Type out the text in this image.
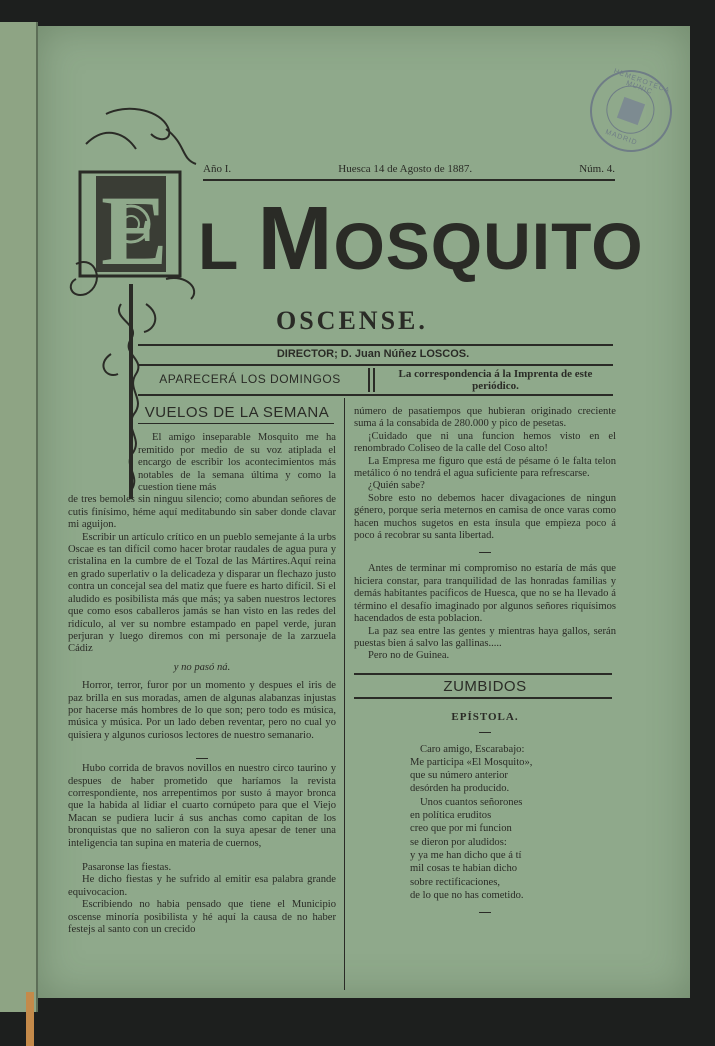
HEMEROTECA MUNIC
MADRID
E
Año I.	Huesca 14 de Agosto de 1887.	Núm. 4.
L MOSQUITO
OSCENSE.
DIRECTOR; D. Juan Núñez LOSCOS.
APARECERÁ LOS DOMINGOS	La correspondencia á la Imprenta de este periódico.
VUELOS DE LA SEMANA

El amigo inseparable Mosquito me ha remitido por medio de su voz atiplada el encargo de escribir los acontecimientos más notables de la semana última y como la cuestion tiene más

de tres bemoles sin ninguu silencio; como abundan señores de cutis finísimo, héme aquí meditabundo sin saber donde clavar mi aguijon.

Escribir un artículo crítico en un pueblo semejante á la urbs Oscae es tan difícil como hacer brotar raudales de agua pura y cristalina en la cumbre de el Tozal de las Mártires.Aquí reina en grado superlativ o la delicadeza y disparar un flechazo justo contra un concejal sea del matiz que fuere es harto difícil. Si el aludido es posibilista más que más; ya saben nuestros lectores que como esos caballeros jamás se han visto en las redes del ridículo, al ver su nombre estampado en papel verde, juran perjuran y luego diremos con mi personaje de la zarzuela Cádiz

y no pasó ná.

Horror, terror, furor por un momento y despues el iris de paz brilla en sus moradas, amen de algunas alabanzas injustas por hacerse más hombres de lo que son; pero todo es música, música y música. Por un lado deben reventar, pero no cual yo quisiera y algunos curiosos lectores de nuestro semanario.

Hubo corrida de bravos novillos en nuestro circo taurino y despues de haber prometido que haríamos la revista correspondiente, nos arrepentimos por susto á mayor bronca que la habida al lidiar el cuarto cornúpeto para que el Viejo Macan se pudiera lucir á sus anchas como capitan de los bronquistas que no salieron con la suya apesar de tener una inteligencia tan supina en materia de cuernos,

Pasaronse las fiestas.

He dicho fiestas y he sufrido al emitir esa palabra grande equivocacion.

Escribiendo no habia pensado que tiene el Municipio oscense minoría posibilista y hé aquí la causa de no haber festejs al santo con un crecido

número de pasatiempos que hubieran originado creciente suma á la consabida de 280.000 y pico de pesetas.

¡Cuidado que ni una funcion hemos visto en el renombrado Coliseo de la calle del Coso alto!

La Empresa me figuro que está de pésame ó le falta telon metálico ó no tendrá el agua suficiente para refrescarse.

¿Quién sabe?

Sobre esto no debemos hacer divagaciones de ningun género, porque seria meternos en camisa de once varas como hacen muchos sugetos en esta ínsula que empieza poco á poco á recobrar su santa libertad.

Antes de terminar mi compromiso no estaría de más que hiciera constar, para tranquilidad de las honradas familias y demás habitantes pacíficos de Huesca, que no se ha llevado á término el desafío imaginado por algunos señores riquísimos hacendados de esta poblacion.

La paz sea entre las gentes y mientras haya gallos, serán puestas bien á salvo las gallinas.....

Pero no de Guinea.

ZUMBIDOS
EPÍSTOLA.
Caro amigo, Escarabajo:
Me participa «El Mosquito»,
que su número anterior
desórden ha producido.
Unos cuantos señorones
en política eruditos
creo que por mi funcion
se dieron por aludidos:
y ya me han dicho que á tí
mil cosas te habian dicho
sobre rectificaciones,
de lo que no has cometido.
